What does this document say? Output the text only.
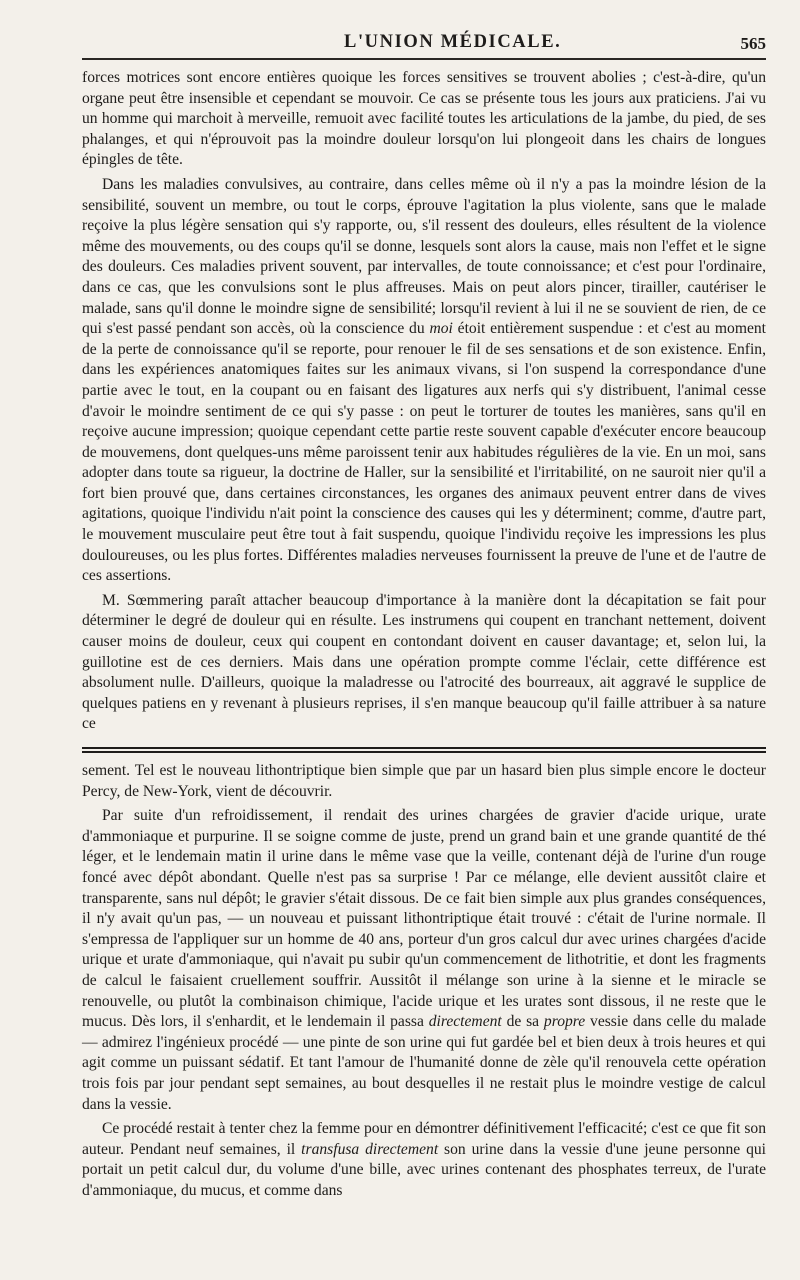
L'UNION MÉDICALE.	565

forces motrices sont encore entières quoique les forces sensitives se trouvent abolies ; c'est-à-dire, qu'un organe peut être insensible et cependant se mouvoir. Ce cas se présente tous les jours aux praticiens. J'ai vu un homme qui marchoit à merveille, remuoit avec facilité toutes les articulations de la jambe, du pied, de ses phalanges, et qui n'éprouvoit pas la moindre douleur lorsqu'on lui plongeoit dans les chairs de longues épingles de tête.

Dans les maladies convulsives, au contraire, dans celles même où il n'y a pas la moindre lésion de la sensibilité, souvent un membre, ou tout le corps, éprouve l'agitation la plus violente, sans que le malade reçoive la plus légère sensation qui s'y rapporte, ou, s'il ressent des douleurs, elles résultent de la violence même des mouvements, ou des coups qu'il se donne, lesquels sont alors la cause, mais non l'effet et le signe des douleurs. Ces maladies privent souvent, par intervalles, de toute connoissance; et c'est pour l'ordinaire, dans ce cas, que les convulsions sont le plus affreuses. Mais on peut alors pincer, tirailler, cautériser le malade, sans qu'il donne le moindre signe de sensibilité; lorsqu'il revient à lui il ne se souvient de rien, de ce qui s'est passé pendant son accès, où la conscience du moi étoit entièrement suspendue : et c'est au moment de la perte de connoissance qu'il se reporte, pour renouer le fil de ses sensations et de son existence. Enfin, dans les expériences anatomiques faites sur les animaux vivans, si l'on suspend la correspondance d'une partie avec le tout, en la coupant ou en faisant des ligatures aux nerfs qui s'y distribuent, l'animal cesse d'avoir le moindre sentiment de ce qui s'y passe : on peut le torturer de toutes les manières, sans qu'il en reçoive aucune impression; quoique cependant cette partie reste souvent capable d'exécuter encore beaucoup de mouvemens, dont quelques-uns même paroissent tenir aux habitudes régulières de la vie. En un moi, sans adopter dans toute sa rigueur, la doctrine de Haller, sur la sensibilité et l'irritabilité, on ne sauroit nier qu'il a fort bien prouvé que, dans certaines circonstances, les organes des animaux peuvent entrer dans de vives agitations, quoique l'individu n'ait point la conscience des causes qui les y déterminent; comme, d'autre part, le mouvement musculaire peut être tout à fait suspendu, quoique l'individu reçoive les impressions les plus douloureuses, ou les plus fortes. Différentes maladies nerveuses fournissent la preuve de l'une et de l'autre de ces assertions.

M. Sœmmering paraît attacher beaucoup d'importance à la manière dont la décapitation se fait pour déterminer le degré de douleur qui en résulte. Les instrumens qui coupent en tranchant nettement, doivent causer moins de douleur, ceux qui coupent en contondant doivent en causer davantage; et, selon lui, la guillotine est de ces derniers. Mais dans une opération prompte comme l'éclair, cette différence est absolument nulle. D'ailleurs, quoique la maladresse ou l'atrocité des bourreaux, ait aggravé le supplice de quelques patiens en y revenant à plusieurs reprises, il s'en manque beaucoup qu'il faille attribuer à sa nature ce

sement. Tel est le nouveau lithontriptique bien simple que par un hasard bien plus simple encore le docteur Percy, de New-York, vient de découvrir.

Par suite d'un refroidissement, il rendait des urines chargées de gravier d'acide urique, urate d'ammoniaque et purpurine. Il se soigne comme de juste, prend un grand bain et une grande quantité de thé léger, et le lendemain matin il urine dans le même vase que la veille, contenant déjà de l'urine d'un rouge foncé avec dépôt abondant. Quelle n'est pas sa surprise ! Par ce mélange, elle devient aussitôt claire et transparente, sans nul dépôt; le gravier s'était dissous. De ce fait bien simple aux plus grandes conséquences, il n'y avait qu'un pas, — un nouveau et puissant lithontriptique était trouvé : c'était de l'urine normale. Il s'empressa de l'appliquer sur un homme de 40 ans, porteur d'un gros calcul dur avec urines chargées d'acide urique et urate d'ammoniaque, qui n'avait pu subir qu'un commencement de lithotritie, et dont les fragments de calcul le faisaient cruellement souffrir. Aussitôt il mélange son urine à la sienne et le miracle se renouvelle, ou plutôt la combinaison chimique, l'acide urique et les urates sont dissous, il ne reste que le mucus. Dès lors, il s'enhardit, et le lendemain il passa directement de sa propre vessie dans celle du malade — admirez l'ingénieux procédé — une pinte de son urine qui fut gardée bel et bien deux à trois heures et qui agit comme un puissant sédatif. Et tant l'amour de l'humanité donne de zèle qu'il renouvela cette opération trois fois par jour pendant sept semaines, au bout desquelles il ne restait plus le moindre vestige de calcul dans la vessie.

Ce procédé restait à tenter chez la femme pour en démontrer définitivement l'efficacité; c'est ce que fit son auteur. Pendant neuf semaines, il transfusa directement son urine dans la vessie d'une jeune personne qui portait un petit calcul dur, du volume d'une bille, avec urines contenant des phosphates terreux, de l'urate d'ammoniaque, du mucus, et comme dans
